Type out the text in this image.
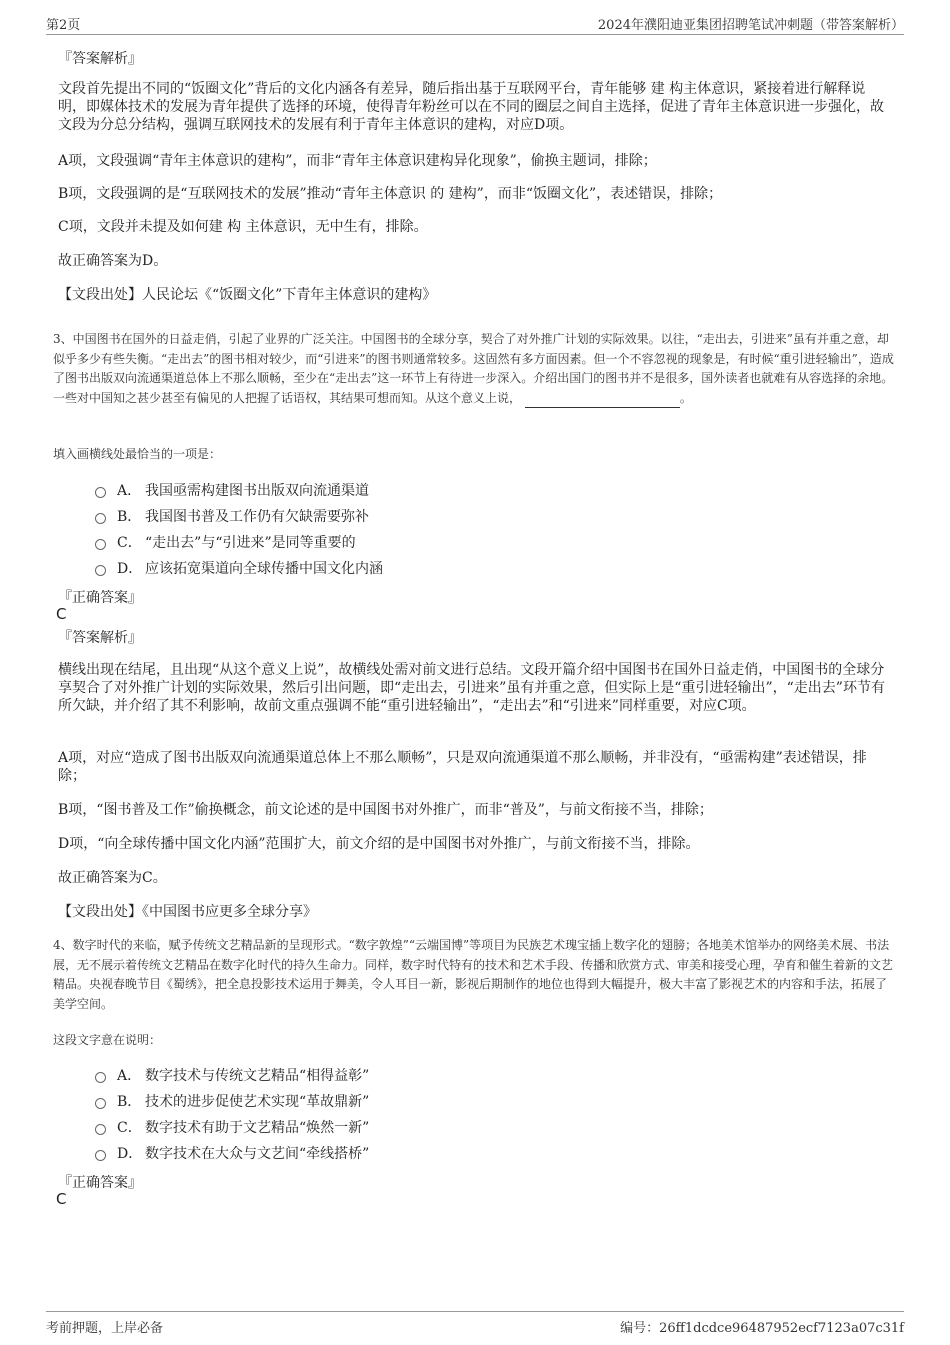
第2页	2024年濮阳迪亚集团招聘笔试冲刺题（带答案解析）
『答案解析』
文段首先提出不同的“饭圈文化”背后的文化内涵各有差异，随后指出基于互联网平台，青年能够 建 构主体意识，紧接着进行解释说明，即媒体技术的发展为青年提供了选择的环境，使得青年粉丝可以在不同的圈层之间自主选择，促进了青年主体意识进一步强化，故文段为分总分结构，强调互联网技术的发展有利于青年主体意识的建构，对应D项。
A项，文段强调“青年主体意识的建构”，而非“青年主体意识建构异化现象”，偷换主题词，排除；
B项，文段强调的是“互联网技术的发展”推动“青年主体意识 的 建构”，而非“饭圈文化”，表述错误，排除；
C项，文段并未提及如何建 构 主体意识，无中生有，排除。
故正确答案为D。
【文段出处】人民论坛《“饭圈文化”下青年主体意识的建构》
3、中国图书在国外的日益走俏，引起了业界的广泛关注。中国图书的全球分享，契合了对外推广计划的实际效果。以往，“走出去，引进来”虽有并重之意，却似乎多少有些失衡。“走出去”的图书相对较少，而“引进来”的图书则通常较多。这固然有多方面因素。但一个不容忽视的现象是，有时候“重引进轻输出”，造成了图书出版双向流通渠道总体上不那么顺畅，至少在“走出去”这一环节上有待进一步深入。介绍出国门的图书并不是很多，国外读者也就难有从容选择的余地。一些对中国知之甚少甚至有偏见的人把握了话语权，其结果可想而知。从这个意义上说，	。
填入画横线处最恰当的一项是：
A． 我国亟需构建图书出版双向流通渠道
B． 我国图书普及工作仍有欠缺需要弥补
C． “走出去”与“引进来”是同等重要的
D． 应该拓宽渠道向全球传播中国文化内涵
『正确答案』
C
『答案解析』
横线出现在结尾，且出现“从这个意义上说”，故横线处需对前文进行总结。文段开篇介绍中国图书在国外日益走俏，中国图书的全球分享契合了对外推广计划的实际效果，然后引出问题，即“走出去，引进来”虽有并重之意，但实际上是“重引进轻输出”，“走出去”环节有所欠缺，并介绍了其不利影响，故前文重点强调不能“重引进轻输出”，“走出去”和“引进来”同样重要，对应C项。
A项，对应“造成了图书出版双向流通渠道总体上不那么顺畅”，只是双向流通渠道不那么顺畅，并非没有，“亟需构建”表述错误，排除；
B项，“图书普及工作”偷换概念，前文论述的是中国图书对外推广，而非“普及”，与前文衔接不当，排除；
D项，“向全球传播中国文化内涵”范围扩大，前文介绍的是中国图书对外推广，与前文衔接不当，排除。
故正确答案为C。
【文段出处】《中国图书应更多全球分享》
4、数字时代的来临，赋予传统文艺精品新的呈现形式。“数字敦煌”“云端国博”等项目为民族艺术瑰宝插上数字化的翅膀；各地美术馆举办的网络美术展、书法展，无不展示着传统文艺精品在数字化时代的持久生命力。同样，数字时代特有的技术和艺术手段、传播和欣赏方式、审美和接受心理，孕育和催生着新的文艺精品。央视春晚节目《蜀绣》，把全息投影技术运用于舞美，令人耳目一新，影视后期制作的地位也得到大幅提升，极大丰富了影视艺术的内容和手法，拓展了美学空间。
这段文字意在说明：
A． 数字技术与传统文艺精品“相得益彰”
B． 技术的进步促使艺术实现“革故鼎新”
C． 数字技术有助于文艺精品“焕然一新”
D． 数字技术在大众与文艺间“牵线搭桥”
『正确答案』
C
考前押题，上岸必备	编号：26ff1dcdce96487952ecf7123a07c31f
